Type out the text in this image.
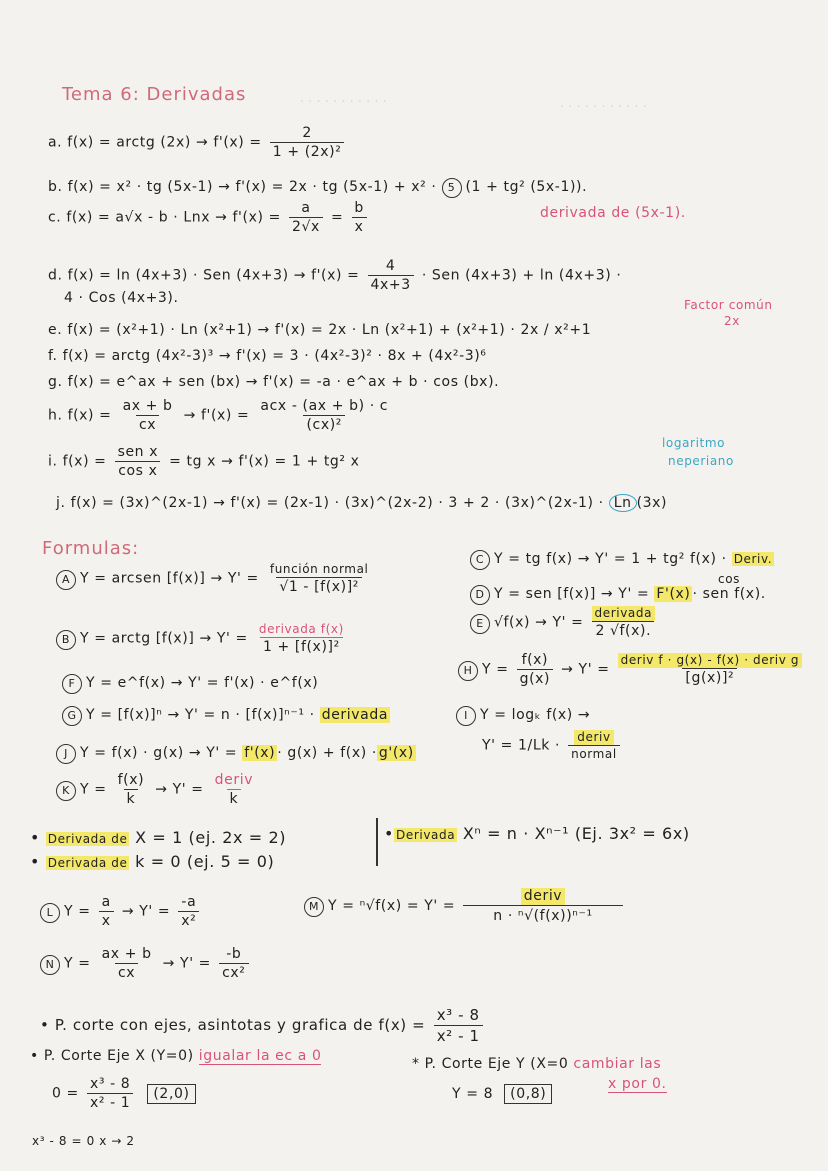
· · · · · · · · · · ·	· · · · · · · · · · ·
Tema 6: Derivadas
a. f(x) = arctg $(2x) \to f'(x) = \frac{2}{\text{1 + (2x)²}}$
b. f(x) = x² · tg (5x-1) → f'(x) = 2x · tg (5x-1) + x² · 5 (1 + tg² (5x-1)).
c. f(x) = a√x - b · Lnx → $f'(x) = \frac{a}{2√x} = \frac{b}{x}$	derivada de (5x-1).
d. f(x) = ln (4x+3) · Sen $(4x+3) \to f'(x) = \frac{4}{4x+3}$ · Sen (4x+3) + ln (4x+3) ·
4 · Cos (4x+3).	Factor común
2x
e. f(x) = (x²+1) · Ln (x²+1) → f'(x) = 2x · Ln (x²+1) + (x²+1) · 2x / x²+1
f. f(x) = arctg (4x²-3)³ → f'(x) = 3 · (4x²-3)² · 8x + (4x²-3)⁶
g. f(x) = e^ax + sen (bx) → f'(x) = -a · e^ax + b · cos (bx).
h. $f(x) = \frac{ax + b}{cx} \to f'(x) = \frac{\text{acx - (ax + b) · c}}{\text{(cx)²}}$
i. $f(x) = \frac{\text{sen x}}{\text{cos x}}$ = tg x → f'(x) = 1 + tg² x
logaritmo
neperiano
j. f(x) = (3x)^(2x-1) → f'(x) = (2x-1) · (3x)^(2x-2) · 3 + 2 · (3x)^(2x-1) · Ln (3x)
Formulas:
A Y = arcsen $[f(x)] \to Y' = \frac{\text{función normal}}{\text{√1 - [f(x)]²}}$
C Y = tg f(x) → Y' = 1 + tg² f(x) · Deriv.
cos
D Y = sen [f(x)] → Y' = F'(x) · sen f(x).
E $√f(x) \to Y' = \frac{\text{derivada}}{2 √f(x).}$
B Y = arctg $[f(x)] \to Y' = \frac{\text{derivada f(x)}}{\text{1 + [f(x)]²}}$
H $Y = \frac{f(x)}{g(x)} \to Y' = \frac{\text{deriv f · g(x) - f(x) · deriv g}}{\text{[g(x)]²}}$
F Y = e^f(x) → Y' = f'(x) · e^f(x)
G Y = [f(x)]ⁿ → Y' = n · [f(x)]ⁿ⁻¹ · derivada	I Y = logₖ f(x) →
$Y' = 1/Lk \cdot \frac{\text{deriv}}{\text{normal}}$
J Y = f(x) · g(x) → Y' = f'(x) · g(x) + f(x) · g'(x)
K $Y = \frac{f(x)}{k} \to Y' = \frac{\text{deriv}}{k}$
• Derivada de X = 1 (ej. 2x = 2)
• Derivada de k = 0 (ej. 5 = 0)
• Derivada Xⁿ = n · Xⁿ⁻¹ (Ej. 3x² = 6x)
L $Y = \frac{a}{x} \to Y' = \frac{-a}{\text{x²}}$	M $Y = ^n√f(x) = Y' = \frac{\text{deriv}}{\text{n · ⁿ√(f(x))ⁿ⁻¹}}$
N $Y = \frac{ax + b}{cx} \to Y' = \frac{-b}{\text{cx²}}$
• P. corte con ejes, asintotas y grafica de $f(x) = \frac{\text{x³ - 8}}{\text{x² - 1}}$
• P. Corte Eje X (Y=0) igualar la ec a 0	* P. Corte Eje Y (X=0 cambiar las
x por 0.
$0 = \frac{\text{x³ - 8}}{\text{x² - 1}} (2,0)$	Y = 8 (0,8)
x³ - 8 = 0 x → 2
